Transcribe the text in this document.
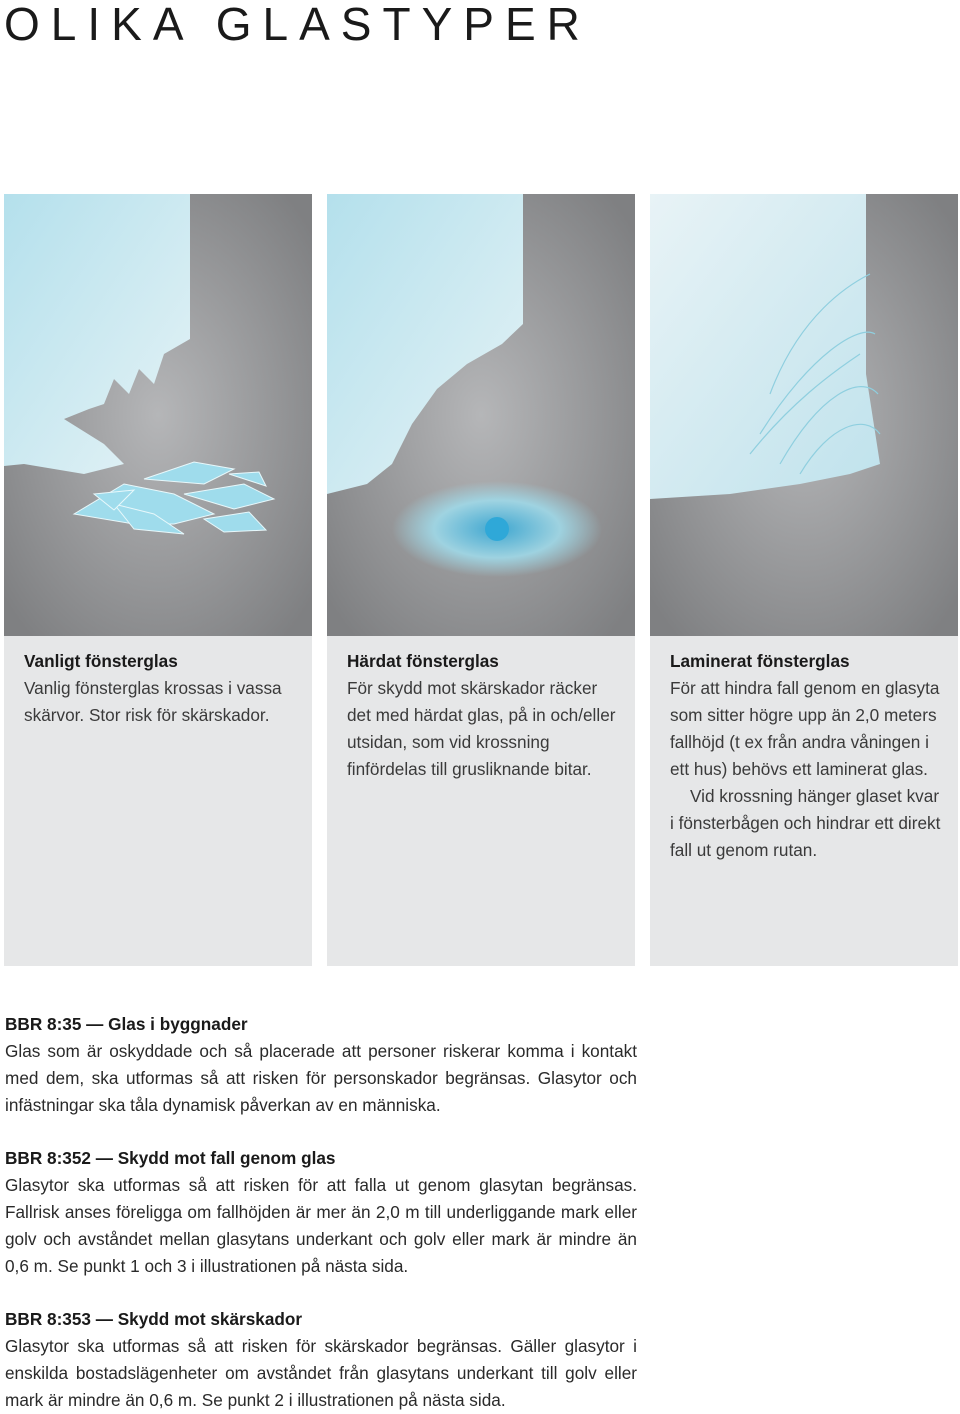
OLIKA GLASTYPER
Vanligt fönsterglas

Vanlig fönsterglas krossas i vassa skärvor. Stor risk för skärskador.

Härdat fönsterglas

För skydd mot skärskador räcker det med härdat glas, på in och/eller utsidan, som vid krossning finfördelas till grusliknande bitar.

Laminerat fönsterglas

För att hindra fall genom en glasyta som sitter högre upp än 2,0 meters fallhöjd (t ex från andra våningen i ett hus) behövs ett laminerat glas.

Vid krossning hänger glaset kvar i fönsterbågen och hindrar ett direkt fall ut genom rutan.

BBR 8:35 — Glas i byggnader

Glas som är oskyddade och så placerade att personer riskerar komma i kontakt med dem, ska utformas så att risken för personskador begränsas. Glasytor och infästningar ska tåla dynamisk påverkan av en människa.

BBR 8:352 — Skydd mot fall genom glas

Glasytor ska utformas så att risken för att falla ut genom glasytan begränsas. Fallrisk anses föreligga om fallhöjden är mer än 2,0 m till underliggande mark eller golv och avståndet mellan glasytans underkant och golv eller mark är mindre än 0,6 m. Se punkt 1 och 3 i illustrationen på nästa sida.

BBR 8:353 — Skydd mot skärskador

Glasytor ska utformas så att risken för skärskador begränsas. Gäller glasytor i enskilda bostadslägenheter om avståndet från glasytans underkant till golv eller mark är mindre än 0,6 m. Se punkt 2 i illustrationen på nästa sida.
